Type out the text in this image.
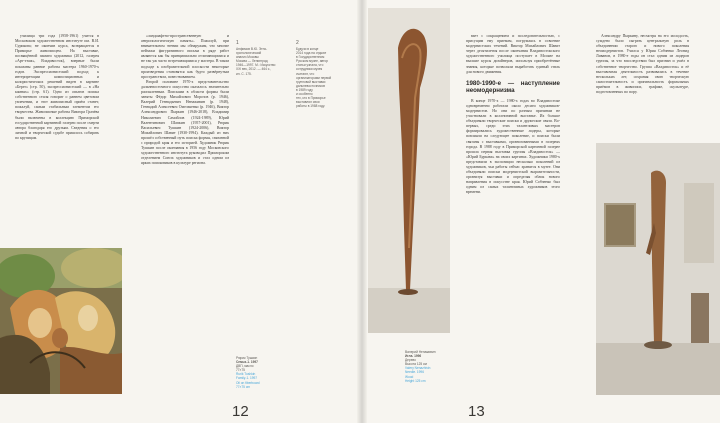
училища три года (1958-1961) учится в Московском художественном институте им. В.И. Сурикова; не окончив курса, возвращается в Приморье живописцем. На выставке, посвящённой памяти художника (2012, галерея «Арт-этаж», Владивосток), впервые были показаны ранние работы мастера 1960-1970-х годов. Экспрессионистский подход к интерпретации композиционных и колористических решений виден в картине «Берег» (стр. 50), экспрессионистский — в «На камнях» (стр. 61). Одно из опытов поиска собственного стиля говорит о раннем цветовом увлечении, и этот живописный приём станет, пожалуй, самым стабильным элементом его творчества. Живописные работы Виктора Грачёва были включены в коллекцию Приморской государственной картинной галереи после смерти автора благодаря его друзьям. Сведения о его личной и творческой судьбе пришлось собирать по крупицам.

«ландшафтно-пространственную и антропологическую память». Пожалуй, при внимательном чтении мы обнаружим, что многие пейзажи фигуративного письма в ряде работ являются как бы принципиально отличающимися и не так уж часто встречающимися у мастера. В таком подходе к изобразительной плоскости некоторые произведения становятся как будто развёрнутым пространством, повествованием.

Второй половине 1970-х представительство дальневосточного искусства оказалось значительно распыленным. Поисками в области формы были заняты Фёдор Михайлович Морозов (р. 1946), Валерий Геннадьевич Ненаживин (р. 1948), Геннадий Алексеевич Омельченко (р. 1946), Виктор Александрович Пыркин (1946-2018), Владимир Николаевич Самойлов (1924-1989), Юрий Валентинович Шапкин (1957-2001), Рюрик Васильевич Тушкин (1924-2006), Виктор Михайлович Шавит (1930-1994). Каждый из них прошёл собственный путь поиска формы, связанной с природой края и его историей. Художник Рюрик Тушкин после окончания в 1956 году Московского художественного института руководил Приморским отделением Союза художников и стал одним из ярких поисковиков в культуре региона.

1
Анфимов В.Ю. Этно-
хронологический
анализ Москвы
Москва — Ленинград
1946—1997. М.: Искусство
XXI век, 2012. — 464 с.,
ил. С. 175.
2
Будучи в конце
2014 года на отдыхе
в Государственном
Русском музее, автор
статьи узнала, что
сотрудники музея
считают, что
организаторами первой
групповой выставки
дальневосточников
в 1989 году
и особенно
тех, кто в Приморье
выставлял свои
работы в 1988 году.
Рюрик Тушкин
Семья-1. 1997
ДВП, масло
77×75
Rurik Tushkin
Family-1. 1997
Oil on fiberboard
77×75 cm
12
Валерий Ненаживин
Игла. 1996
Дерево
Высота 125 см
Valery Nenazhivin
Needle. 1996
Wood
Height 125 cm

вает с сокращением и последовательностью, с присущим ему приемам, погружаясь в освоение модернистских течений. Виктор Михайлович Шавит через десятилетия после окончания Владивостокского художественного училища поступает в Москве на высшие курсы дизайнеров, используя приобретённые знания, которые позволяли выработать единый стиль для нового движения.

1980-1990-е — наступление неомодернизма

В конце 1970-х — 1980-х годах во Владивостоке одновременно работали около десяти художников-модернистов. Но они по разным причинам не участвовали в коллективной выставке. Их больше объединяли творческие поиски и дружеские связи. Во-первых, среди этих талантливых мастеров формировались художественные лидеры, которые повлияли на следующее поколение, и поиски были связаны с выставками, организованными в галереях города. В 1988 году в Приморской картинной галерее прошла первая выставка группы «Владивосток» — «Юрий Бурка́ва» на своих картинах. Художники 1980-х представили в экспозиции несколько поколений из художников, чьи работы сейчас хранятся в музее. Они объединяли поиски модернистской выразительности, организуя выставки и определяя облик нового направления в искусстве края. Юрий Собченко был одним из самых талантливых художников этого времени.

Александру Пыркину, несмотря на его молодость, суждено было сыграть центральную роль в объединении старого и нового поколения неомодернистов. Учился у Юрия Собченко Леонид Ливанов, в 1980-е годы он стал одним из лидеров группы, за что впоследствии был признан и ушёл в собственное творчество. Группа «Владивосток» и её выставочная деятельность развивались в течение нескольких лет, сохраняя свою творческую самостоятельность и оригинальность формальных приёмов в живописи, графике, скульптуре, подготовленных по пору.

13
